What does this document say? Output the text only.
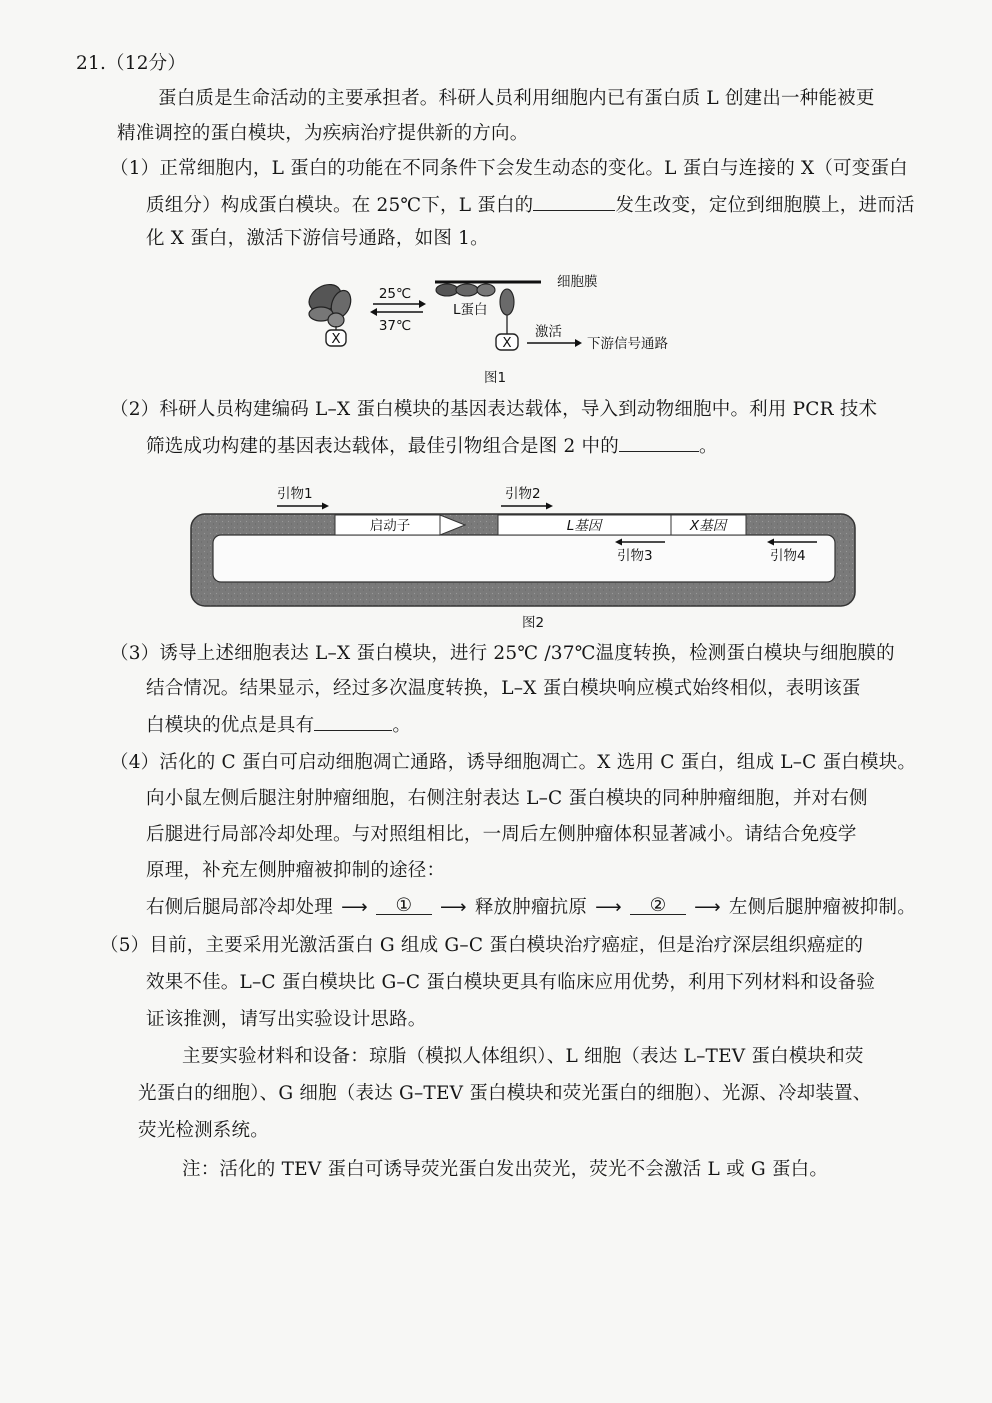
21.（12分）
蛋白质是生命活动的主要承担者。科研人员利用细胞内已有蛋白质 L 创建出一种能被更
精准调控的蛋白模块，为疾病治疗提供新的方向。
（1）正常细胞内，L 蛋白的功能在不同条件下会发生动态的变化。L 蛋白与连接的 X（可变蛋白
质组分）构成蛋白模块。在 25℃下，L 蛋白的	发生改变，定位到细胞膜上，进而活
化 X 蛋白，激活下游信号通路，如图 1。
X
25℃
37℃
细胞膜
L蛋白
X
激活
下游信号通路
图1
（2）科研人员构建编码 L–X 蛋白模块的基因表达载体，导入到动物细胞中。利用 PCR 技术
筛选成功构建的基因表达载体，最佳引物组合是图 2 中的	。
启动子	L基因	X基因
引物1	引物2
引物3	引物4
图2
（3）诱导上述细胞表达 L–X 蛋白模块，进行 25℃ /37℃温度转换，检测蛋白模块与细胞膜的
结合情况。结果显示，经过多次温度转换，L–X 蛋白模块响应模式始终相似，表明该蛋
白模块的优点是具有	。
（4）活化的 C 蛋白可启动细胞凋亡通路，诱导细胞凋亡。X 选用 C 蛋白，组成 L–C 蛋白模块。
向小鼠左侧后腿注射肿瘤细胞，右侧注射表达 L–C 蛋白模块的同种肿瘤细胞，并对右侧
后腿进行局部冷却处理。与对照组相比，一周后左侧肿瘤体积显著减小。请结合免疫学
原理，补充左侧肿瘤被抑制的途径：
右侧后腿局部冷却处理 ⟶ ① ⟶ 释放肿瘤抗原 ⟶ ② ⟶ 左侧后腿肿瘤被抑制。
（5）目前，主要采用光激活蛋白 G 组成 G–C 蛋白模块治疗癌症，但是治疗深层组织癌症的
效果不佳。L–C 蛋白模块比 G–C 蛋白模块更具有临床应用优势，利用下列材料和设备验
证该推测，请写出实验设计思路。
主要实验材料和设备：琼脂（模拟人体组织）、L 细胞（表达 L–TEV 蛋白模块和荧
光蛋白的细胞）、G 细胞（表达 G–TEV 蛋白模块和荧光蛋白的细胞）、光源、冷却装置、
荧光检测系统。
注：活化的 TEV 蛋白可诱导荧光蛋白发出荧光，荧光不会激活 L 或 G 蛋白。
